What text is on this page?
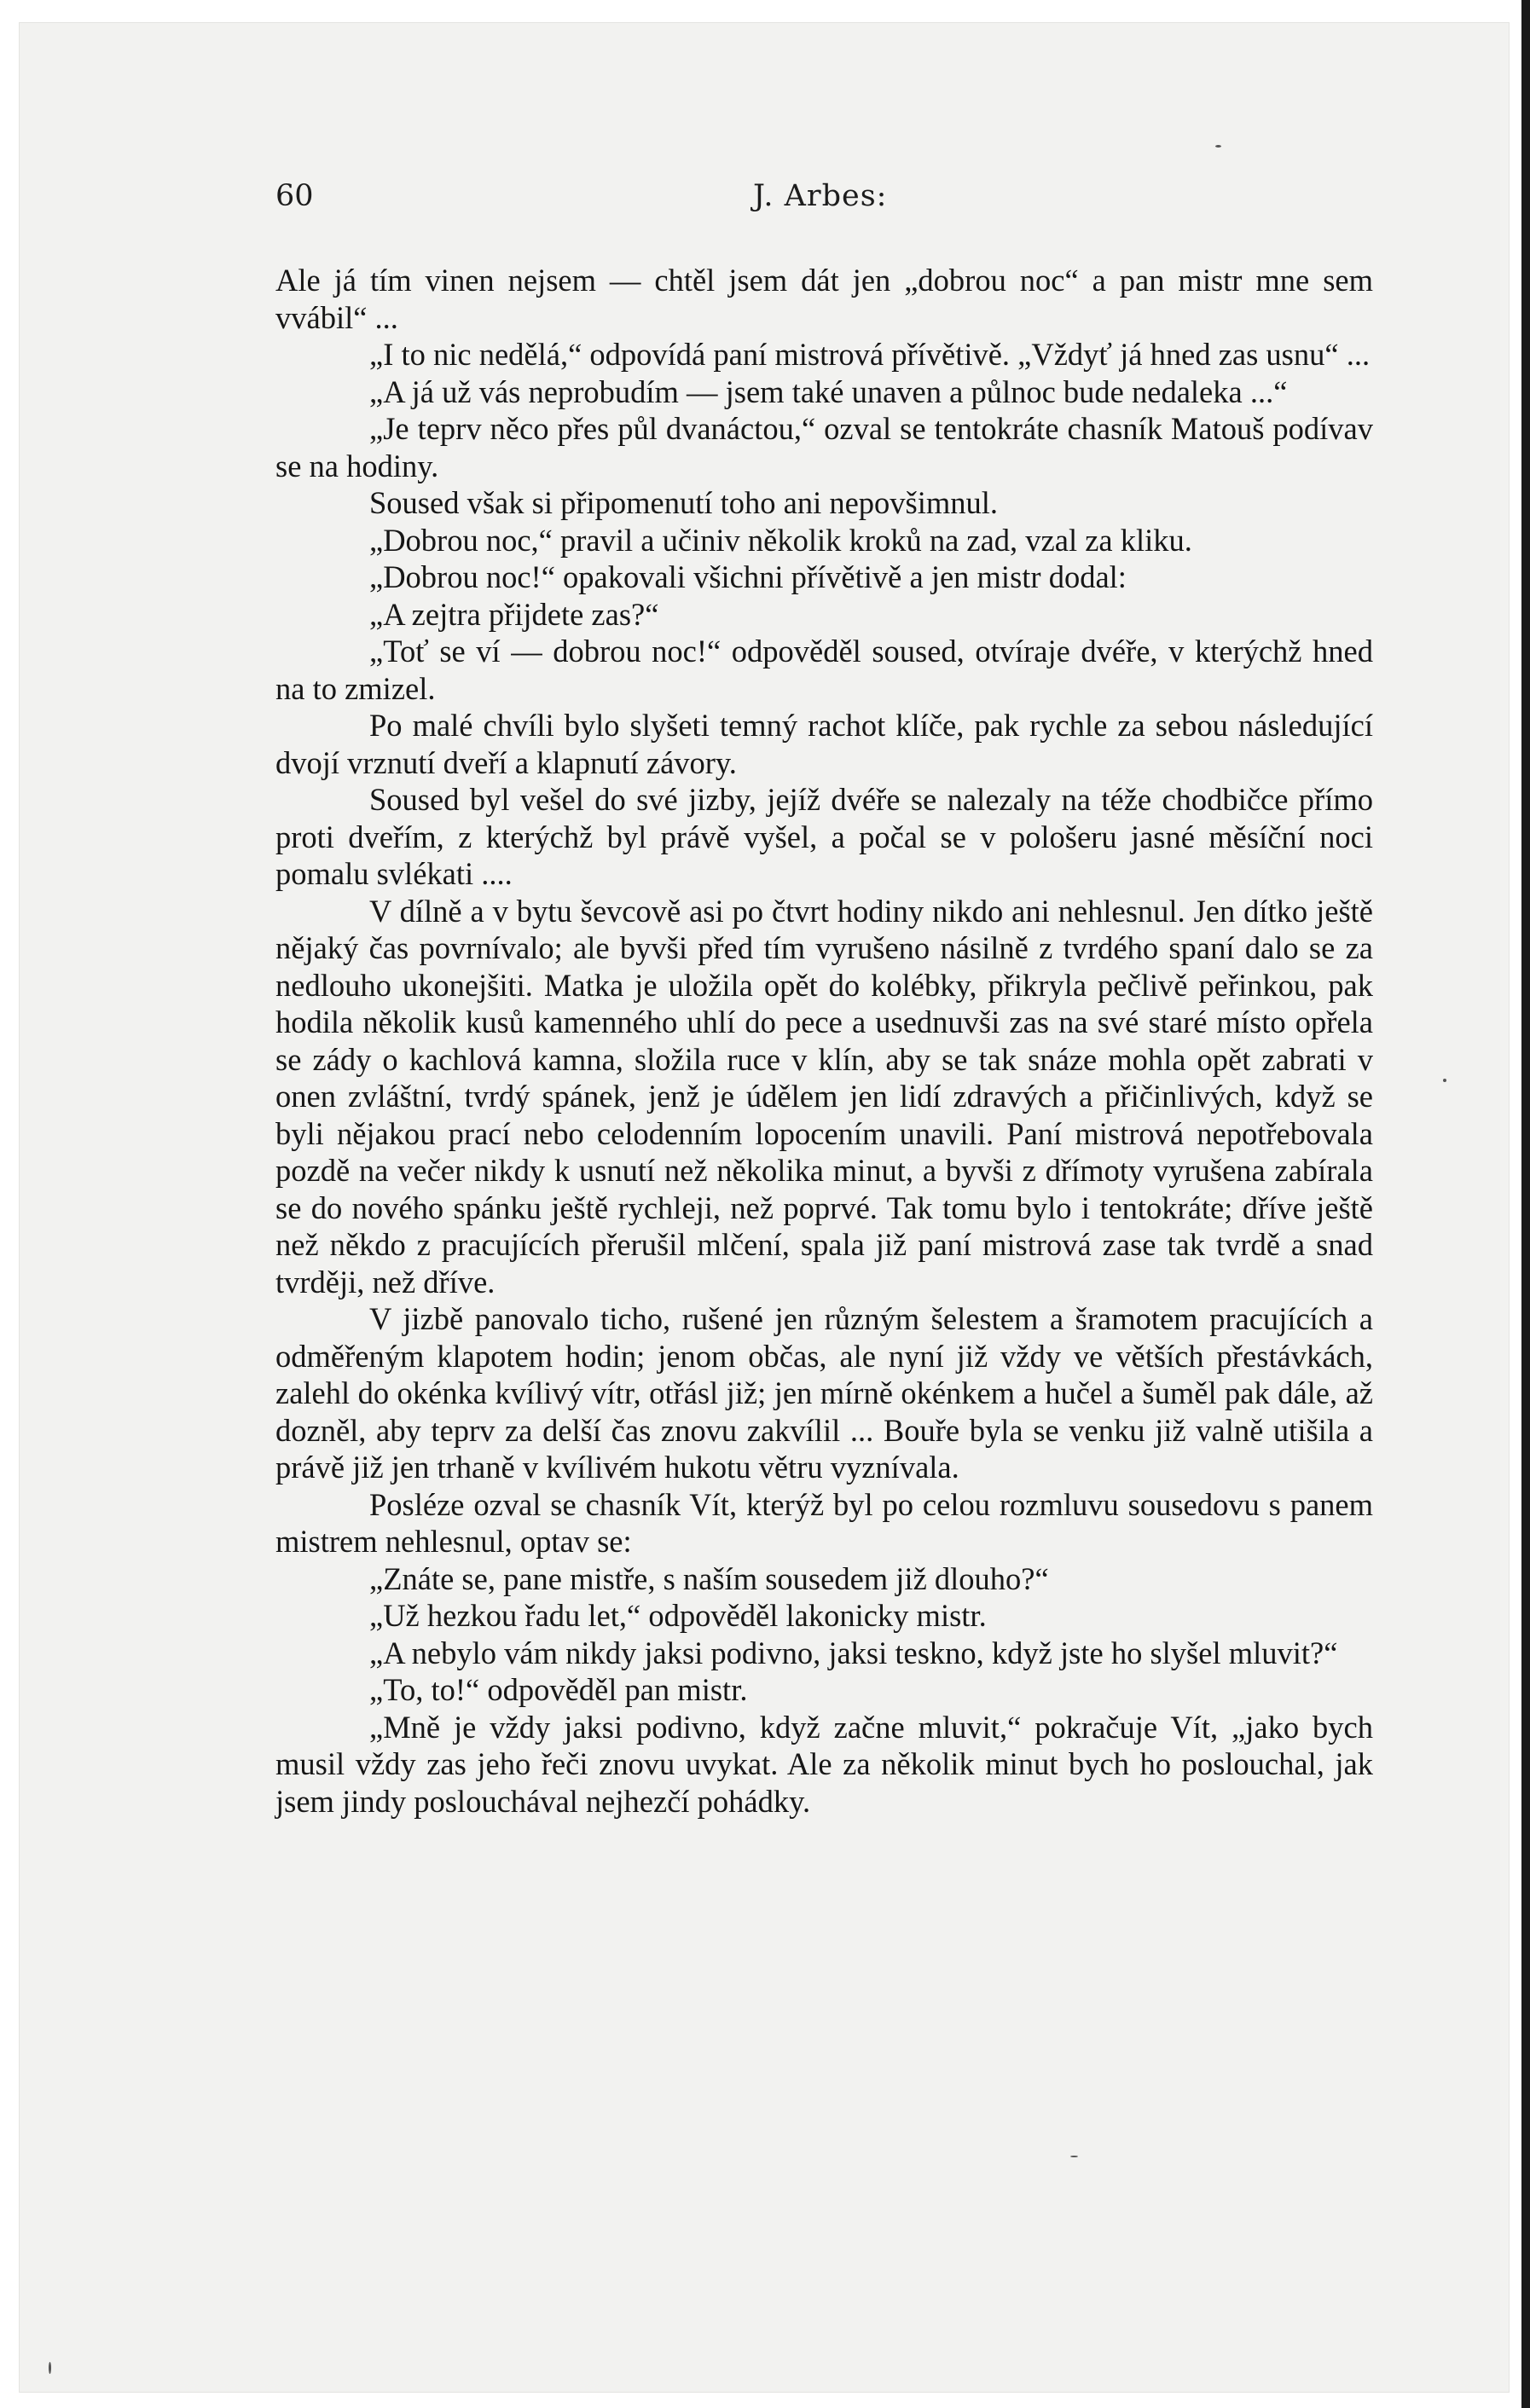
60	J. Arbes:

Ale já tím vinen nejsem — chtěl jsem dát jen „dobrou noc“ a pan mistr mne sem vvábil“ ...

„I to nic nedělá,“ odpovídá paní mistrová přívětivě. „Vždyť já hned zas usnu“ ...

„A já už vás neprobudím — jsem také unaven a půlnoc bude nedaleka ...“

„Je teprv něco přes půl dvanáctou,“ ozval se tentokráte chasník Matouš podívav se na hodiny.

Soused však si připomenutí toho ani nepovšimnul.

„Dobrou noc,“ pravil a učiniv několik kroků na zad, vzal za kliku.

„Dobrou noc!“ opakovali všichni přívětivě a jen mistr dodal:

„A zejtra přijdete zas?“

„Toť se ví — dobrou noc!“ odpověděl soused, otvíraje dvéře, v kterýchž hned na to zmizel.

Po malé chvíli bylo slyšeti temný rachot klíče, pak rychle za sebou následující dvojí vrznutí dveří a klapnutí závory.

Soused byl vešel do své jizby, jejíž dvéře se nalezaly na téže chodbičce přímo proti dveřím, z kterýchž byl právě vyšel, a počal se v pološeru jasné měsíční noci pomalu svlékati ....

V dílně a v bytu ševcově asi po čtvrt hodiny nikdo ani nehlesnul. Jen dítko ještě nějaký čas povrnívalo; ale byvši před tím vyrušeno násilně z tvrdého spaní dalo se za nedlouho ukonejšiti. Matka je uložila opět do kolébky, přikryla pečlivě peřinkou, pak hodila několik kusů kamenného uhlí do pece a usednuvši zas na své staré místo opřela se zády o kachlová kamna, složila ruce v klín, aby se tak snáze mohla opět zabrati v onen zvláštní, tvrdý spánek, jenž je údělem jen lidí zdravých a přičinlivých, když se byli nějakou prací nebo celodenním lopocením unavili. Paní mistrová nepotřebovala pozdě na večer nikdy k usnutí než několika minut, a byvši z dřímoty vyrušena zabírala se do nového spánku ještě rychleji, než poprvé. Tak tomu bylo i tentokráte; dříve ještě než někdo z pracujících přerušil mlčení, spala již paní mistrová zase tak tvrdě a snad tvrději, než dříve.

V jizbě panovalo ticho, rušené jen různým šelestem a šramotem pracujících a odměřeným klapotem hodin; jenom občas, ale nyní již vždy ve větších přestávkách, zalehl do okénka kvílivý vítr, otřásl již; jen mírně okénkem a hučel a šuměl pak dále, až dozněl, aby teprv za delší čas znovu zakvílil ... Bouře byla se venku již valně utišila a právě již jen trhaně v kvílivém hukotu větru vyznívala.

Posléze ozval se chasník Vít, kterýž byl po celou rozmluvu sousedovu s panem mistrem nehlesnul, optav se:

„Znáte se, pane mistře, s naším sousedem již dlouho?“

„Už hezkou řadu let,“ odpověděl lakonicky mistr.

„A nebylo vám nikdy jaksi podivno, jaksi teskno, když jste ho slyšel mluvit?“

„To, to!“ odpověděl pan mistr.

„Mně je vždy jaksi podivno, když začne mluvit,“ pokračuje Vít, „jako bych musil vždy zas jeho řeči znovu uvykat. Ale za několik minut bych ho poslouchal, jak jsem jindy poslouchával nejhezčí pohádky.
